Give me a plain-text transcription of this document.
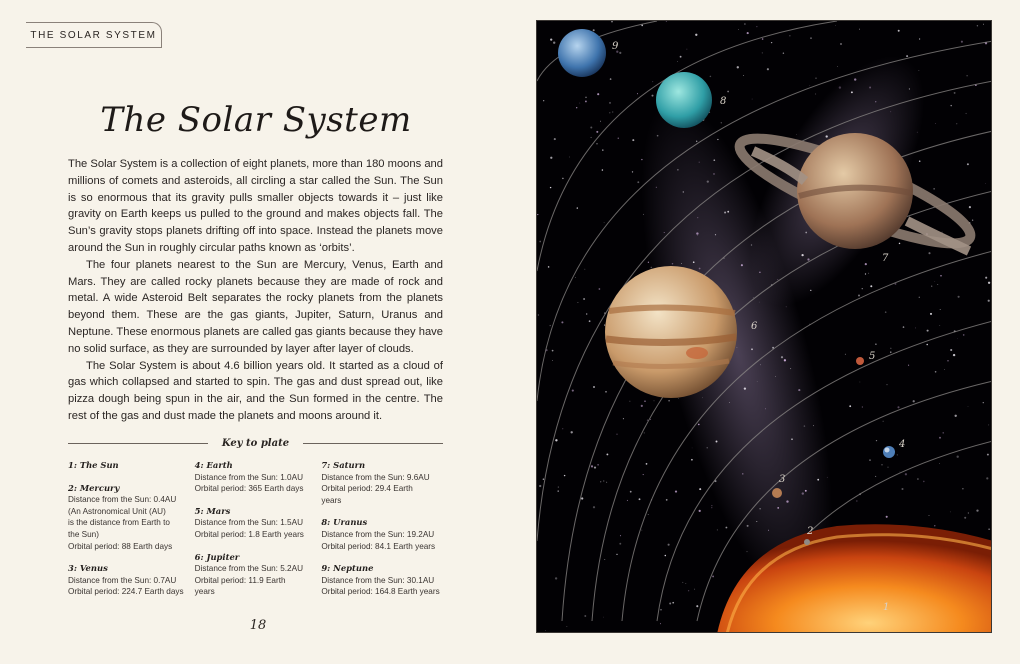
THE SOLAR SYSTEM
The Solar System

The Solar System is a collection of eight planets, more than 180 moons and millions of comets and asteroids, all circling a star called the Sun. The Sun is so enormous that its gravity pulls smaller objects towards it – just like gravity on Earth keeps us pulled to the ground and makes objects fall. The Sun’s gravity stops planets drifting off into space. Instead the planets move around the Sun in roughly circular paths known as ‘orbits’.

The four planets nearest to the Sun are Mercury, Venus, Earth and Mars. They are called rocky planets because they are made of rock and metal. A wide Asteroid Belt separates the rocky planets from the planets beyond them. These are the gas giants, Jupiter, Saturn, Uranus and Neptune. These enormous planets are called gas giants because they have no solid surface, as they are surrounded by layer after layer of clouds.

The Solar System is about 4.6 billion years old. It started as a cloud of gas which collapsed and started to spin. The gas and dust spread out, like pizza dough being spun in the air, and the Sun formed in the centre. The rest of the gas and dust made the planets and moons around it.

Key to plate
1: The Sun
2: Mercury
Distance from the Sun: 0.4AU
(An Astronomical Unit (AU)
is the distance from Earth to
the Sun)
Orbital period: 88 Earth days
3: Venus
Distance from the Sun: 0.7AU
Orbital period: 224.7 Earth days
4: Earth
Distance from the Sun: 1.0AU
Orbital period: 365 Earth days
5: Mars
Distance from the Sun: 1.5AU
Orbital period: 1.8 Earth years
6: Jupiter
Distance from the Sun: 5.2AU
Orbital period: 11.9 Earth
years
7: Saturn
Distance from the Sun: 9.6AU
Orbital period: 29.4 Earth
years
8: Uranus
Distance from the Sun: 19.2AU
Orbital period: 84.1 Earth years
9: Neptune
Distance from the Sun: 30.1AU
Orbital period: 164.8 Earth years
18
1
2
3
4
5
6
7
8
9
